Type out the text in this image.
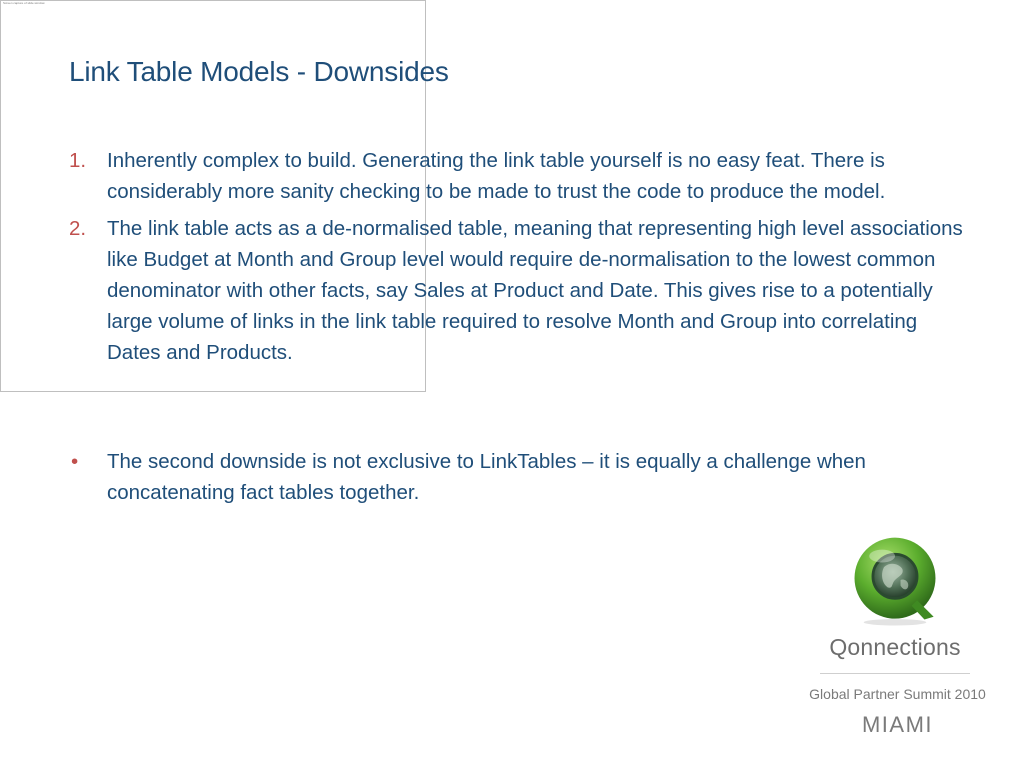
Screen capture of slide window
Link Table Models - Downsides
1. Inherently complex to build. Generating the link table yourself is no easy feat. There is considerably more sanity checking to be made to trust the code to produce the model.
2. The link table acts as a de-normalised table, meaning that representing high level associations like Budget at Month and Group level would require de-normalisation to the lowest common denominator with other facts, say Sales at Product and Date. This gives rise to a potentially large volume of links in the link table required to resolve Month and Group into correlating Dates and Products.
• The second downside is not exclusive to LinkTables – it is equally a challenge when concatenating fact tables together.
Qonnections
Global Partner Summit 2010
MIAMI
